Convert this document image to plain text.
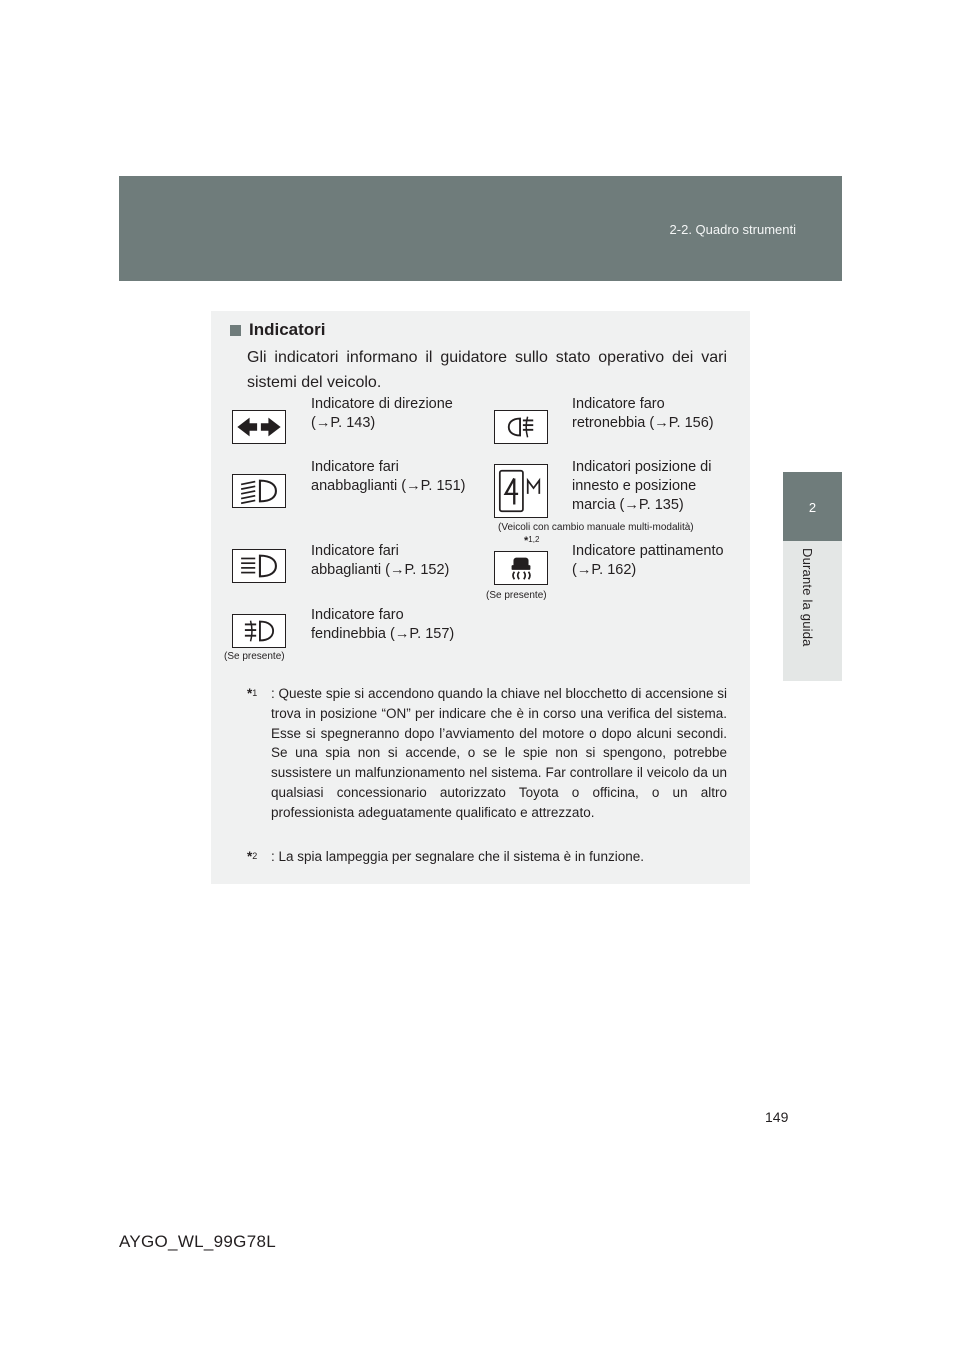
2-2. Quadro strumenti
2
Durante la guida
Indicatori
Gli indicatori informano il guidatore sullo stato operativo dei vari sistemi del veicolo.
Indicatore di direzione (→P. 143)
Indicatore faro retronebbia (→P. 156)
Indicatore fari anabbaglianti (→P. 151)
Indicatori posizione di innesto e posizione marcia (→P. 135)
(Veicoli con cambio manuale multi-modalità)
Indicatore fari abbaglianti (→P. 152)
*$^{1,2}$
(Se presente)
Indicatore pattinamento (→P. 162)
(Se presente)
Indicatore faro fendinebbia (→P. 157)
*$^1$	: Queste spie si accendono quando la chiave nel blocchetto di accensione si trova in posizione “ON” per indicare che è in corso una verifica del sistema. Esse si spegneranno dopo l’avviamento del motore o dopo alcuni secondi. Se una spia non si accende, o se le spie non si spengono, potrebbe sussistere un malfunzionamento nel sistema. Far controllare il veicolo da un qualsiasi concessionario autorizzato Toyota o officina, o un altro professionista adeguatamente qualificato e attrezzato.
*$^2$	: La spia lampeggia per segnalare che il sistema è in funzione.
149
AYGO_WL_99G78L
